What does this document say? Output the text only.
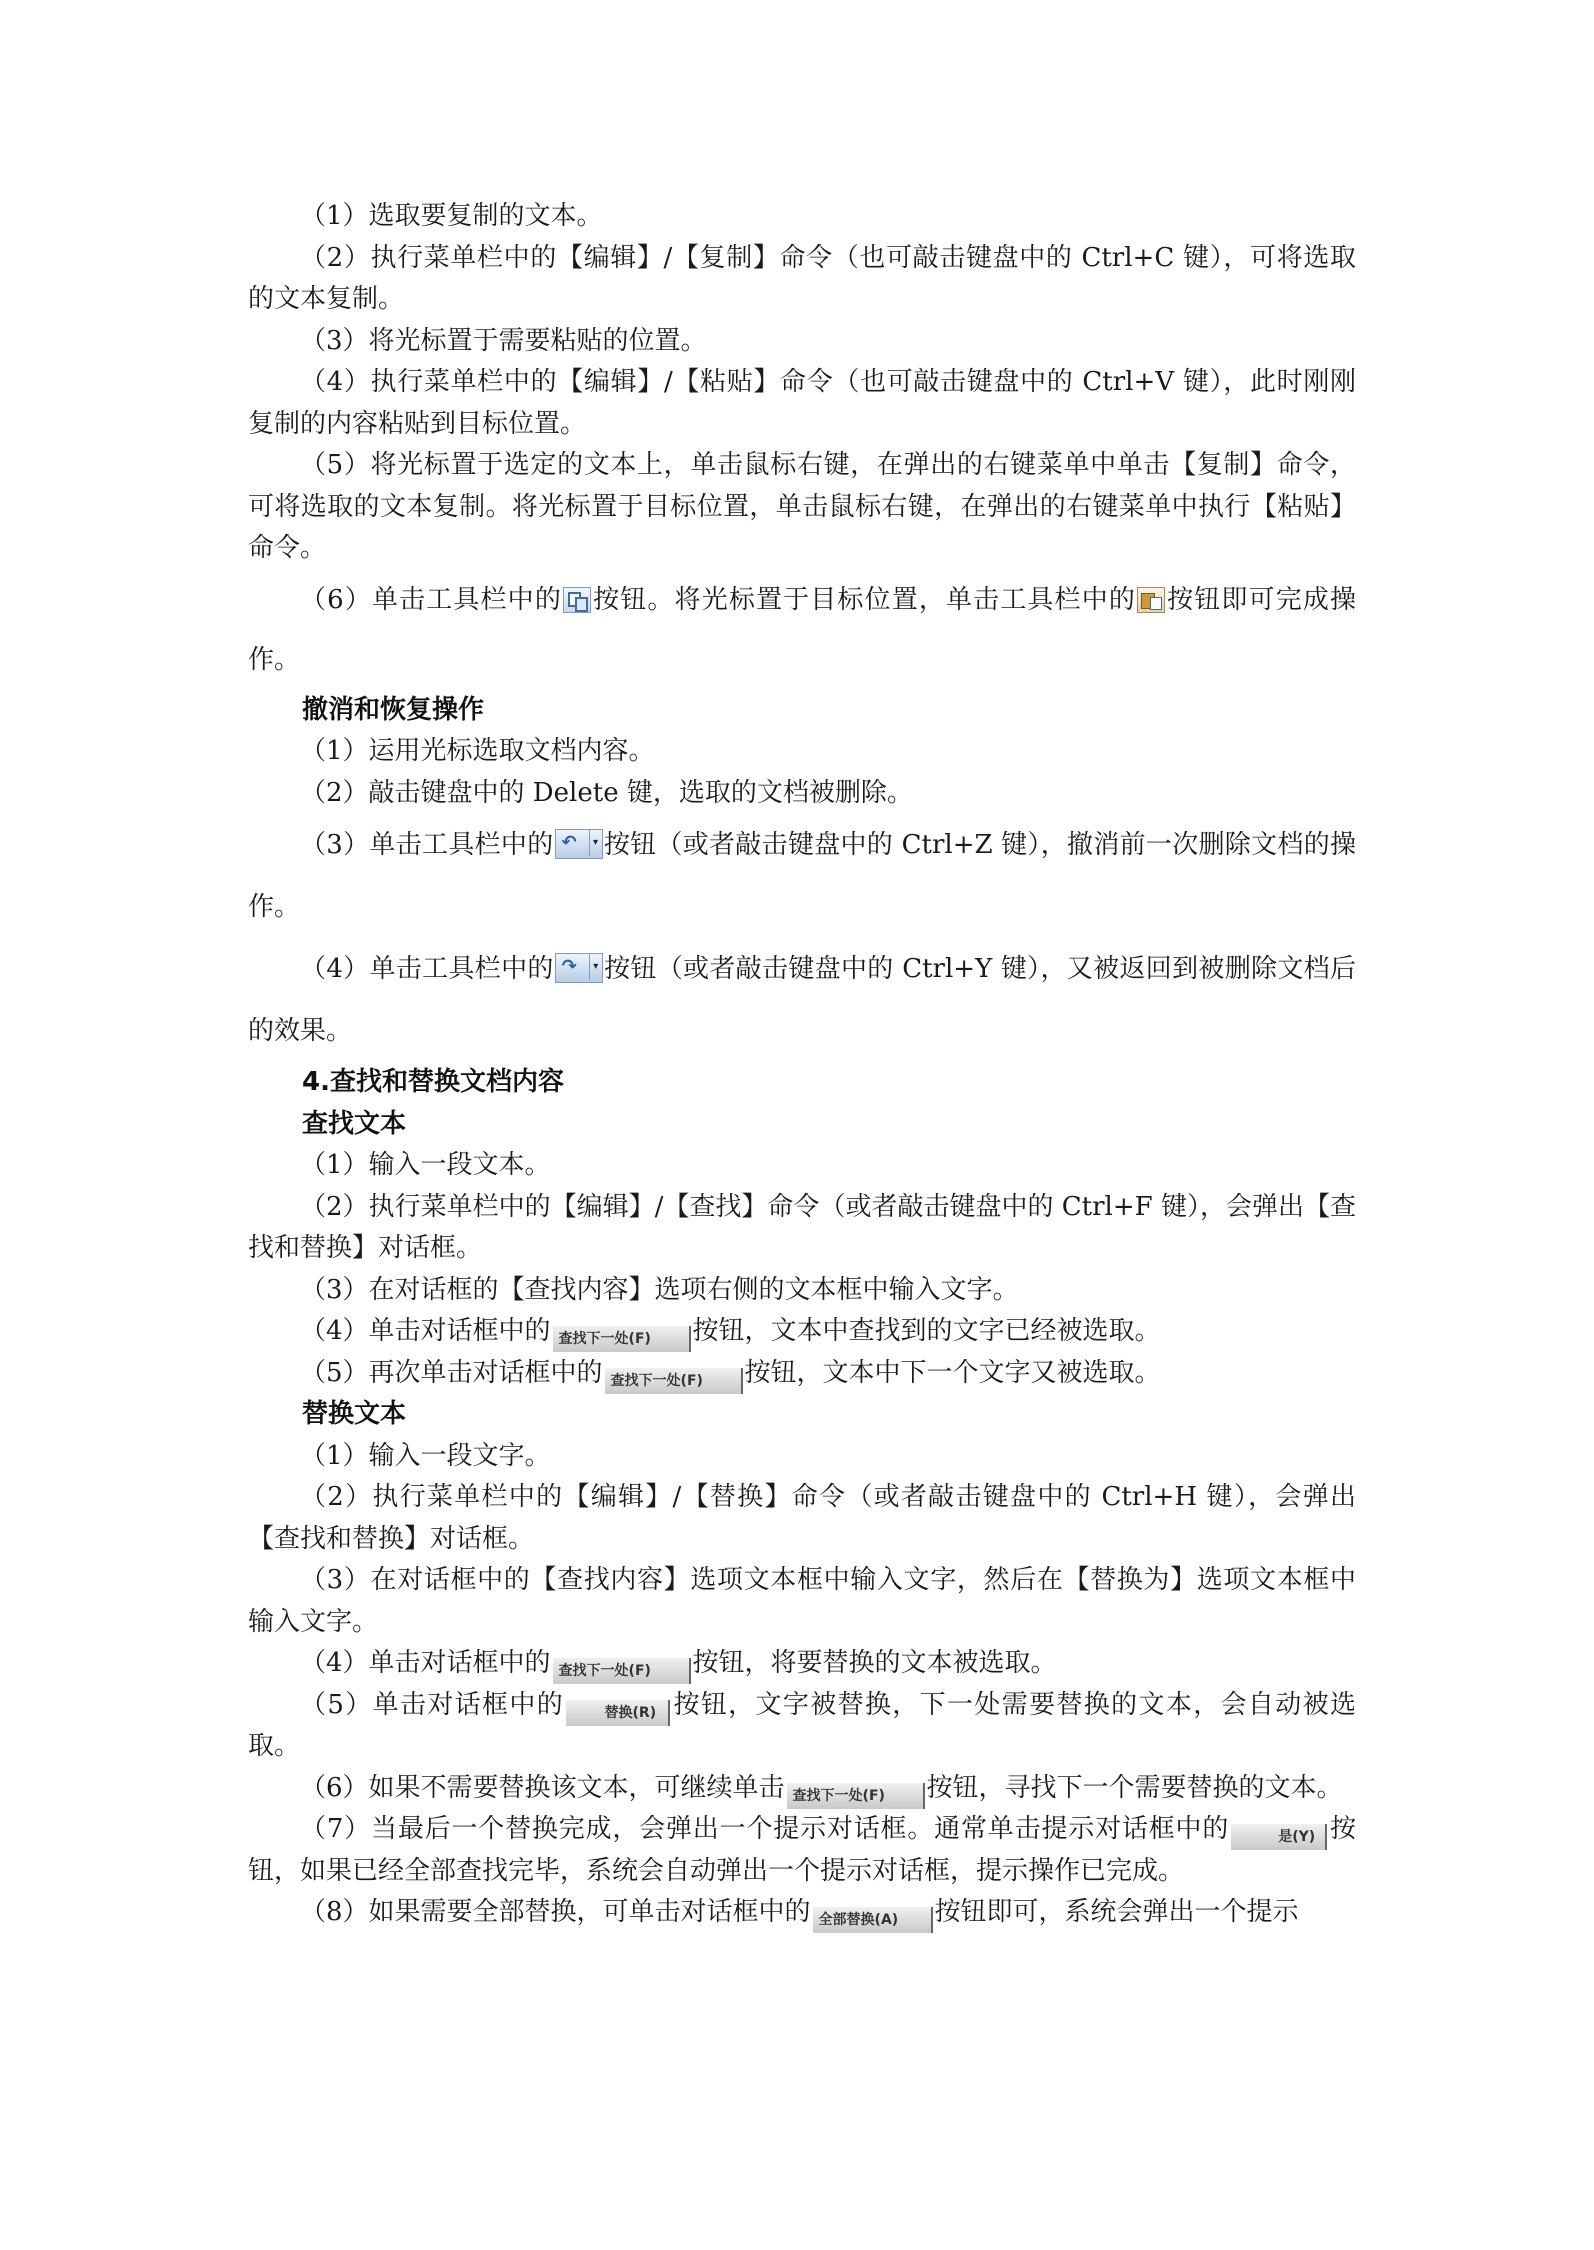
（1）选取要复制的文本。

（2）执行菜单栏中的【编辑】/【复制】命令（也可敲击键盘中的 Ctrl+C 键），可将选取的文本复制。

（3）将光标置于需要粘贴的位置。

（4）执行菜单栏中的【编辑】/【粘贴】命令（也可敲击键盘中的 Ctrl+V 键），此时刚刚复制的内容粘贴到目标位置。

（5）将光标置于选定的文本上，单击鼠标右键，在弹出的右键菜单中单击【复制】命令，可将选取的文本复制。将光标置于目标位置，单击鼠标右键，在弹出的右键菜单中执行【粘贴】命令。

（6）单击工具栏中的 按钮。将光标置于目标位置，单击工具栏中的 按钮即可完成操作。

撤消和恢复操作

（1）运用光标选取文档内容。

（2）敲击键盘中的 Delete 键，选取的文档被删除。

（3）单击工具栏中的 ↶	▾ 按钮（或者敲击键盘中的 Ctrl+Z 键），撤消前一次删除文档的操作。

（4）单击工具栏中的 ↷	▾ 按钮（或者敲击键盘中的 Ctrl+Y 键），又被返回到被删除文档后的效果。

4.查找和替换文档内容

查找文本

（1）输入一段文本。

（2）执行菜单栏中的【编辑】/【查找】命令（或者敲击键盘中的 Ctrl+F 键），会弹出【查找和替换】对话框。

（3）在对话框的【查找内容】选项右侧的文本框中输入文字。

（4）单击对话框中的 查找下一处(F) 按钮，文本中查找到的文字已经被选取。

（5）再次单击对话框中的 查找下一处(F) 按钮，文本中下一个文字又被选取。

替换文本

（1）输入一段文字。

（2）执行菜单栏中的【编辑】/【替换】命令（或者敲击键盘中的 Ctrl+H 键），会弹出【查找和替换】对话框。

（3）在对话框中的【查找内容】选项文本框中输入文字，然后在【替换为】选项文本框中输入文字。

（4）单击对话框中的 查找下一处(F) 按钮，将要替换的文本被选取。

（5）单击对话框中的	替换(R) 按钮，文字被替换，下一处需要替换的文本，会自动被选取。

（6）如果不需要替换该文本，可继续单击 查找下一处(F) 按钮，寻找下一个需要替换的文本。

（7）当最后一个替换完成，会弹出一个提示对话框。通常单击提示对话框中的	是(Y) 按钮，如果已经全部查找完毕，系统会自动弹出一个提示对话框，提示操作已完成。

（8）如果需要全部替换，可单击对话框中的 全部替换(A) 按钮即可，系统会弹出一个提示
